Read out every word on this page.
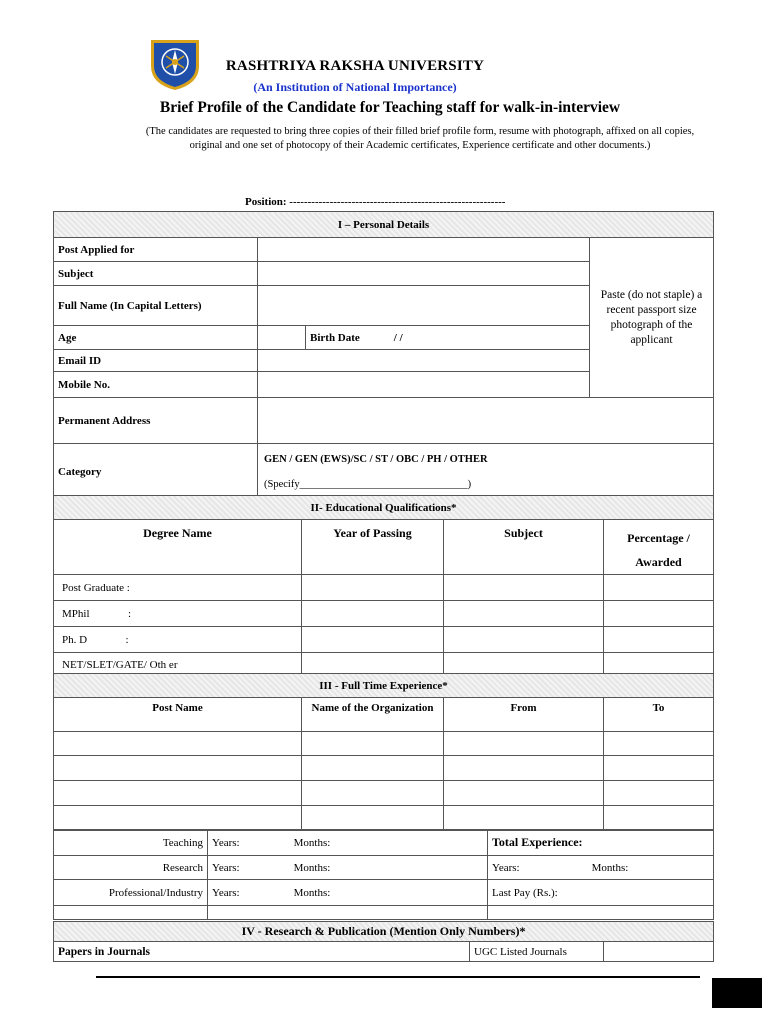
RASHTRIYA RAKSHA UNIVERSITY
(An Institution of National Importance)
Brief Profile of the Candidate for Teaching staff for walk-in-interview
(The candidates are requested to bring three copies of their filled brief profile form, resume with photograph, affixed on all copies, original and one set of photocopy of their Academic certificates, Experience certificate and other documents.)
Position: -----------------------------------------------------------
I – Personal Details			
Post Applied for			Paste (do not staple) a recent passport size photograph of the applicant
Subject			
Full Name (In Capital Letters)			
Age		Birth Date / /	
Email ID			
Mobile No.			
Permanent Address			
Category	GEN / GEN (EWS)/SC / ST / OBC / PH / OTHER
(Specify________________________________)		
II- Educational Qualifications*			
Degree Name	Year of Passing	Subject	Percentage /
Awarded
Post Graduate :			
MPhil              :			
Ph. D              :			
NET/SLET/GATE/ Oth er			
III - Full Time Experience*			
Post Name	Name of the Organization	From	To

Teaching	Years: Months:	Total Experience:
Research	Years: Months:	Years: Months:
Professional/Industry	Years: Months:	Last Pay (Rs.):

IV - Research & Publication (Mention Only Numbers)*
Papers in Journals	UGC Listed Journals	
